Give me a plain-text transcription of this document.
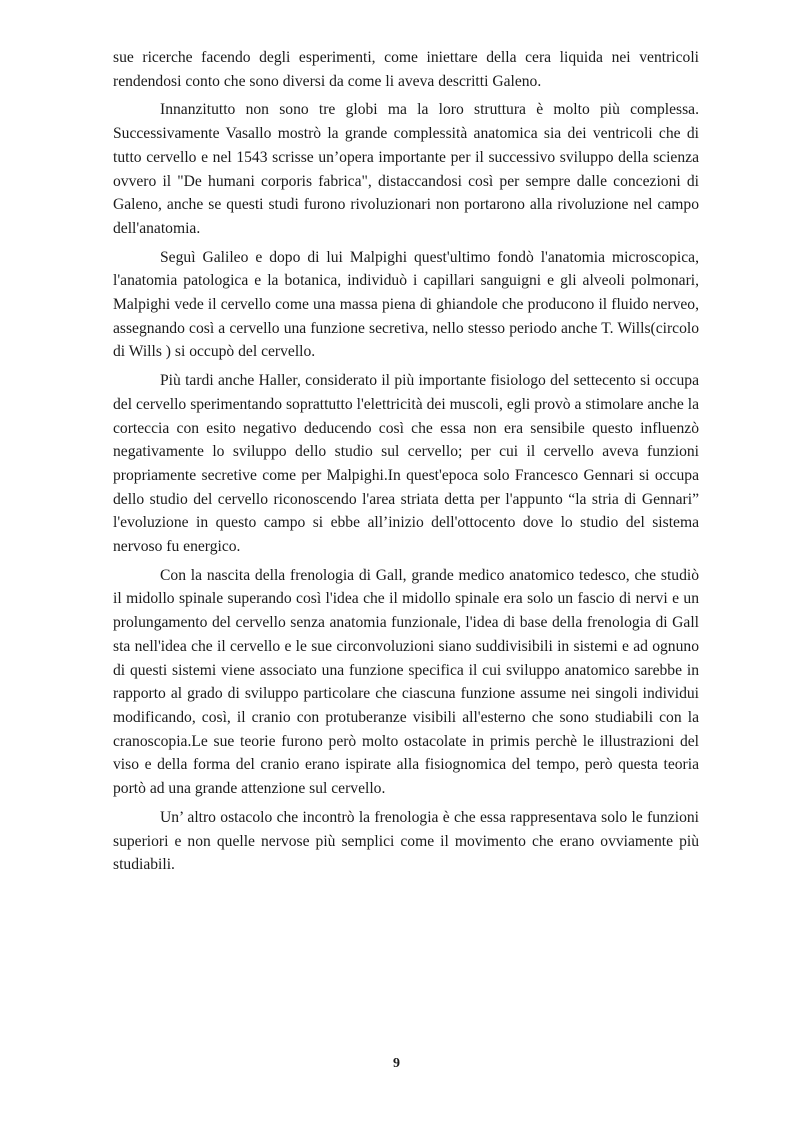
sue ricerche facendo degli esperimenti, come iniettare della cera liquida nei ventricoli rendendosi conto che sono diversi da come li aveva descritti Galeno.

Innanzitutto non sono tre globi ma la loro struttura è molto più complessa. Successivamente Vasallo mostrò la grande complessità anatomica sia dei ventricoli che di tutto cervello e nel 1543 scrisse un’opera importante per il successivo sviluppo della scienza ovvero il "De humani corporis fabrica", distaccandosi così per sempre dalle concezioni di Galeno, anche se questi studi furono rivoluzionari non portarono alla rivoluzione nel campo dell'anatomia.

Seguì Galileo e dopo di lui Malpighi quest'ultimo fondò l'anatomia microscopica, l'anatomia patologica e la botanica, individuò i capillari sanguigni e gli alveoli polmonari, Malpighi vede il cervello come una massa piena di ghiandole che producono il fluido nerveo, assegnando così a cervello una funzione secretiva, nello stesso periodo anche T. Wills(circolo di Wills ) si occupò del cervello.

Più tardi anche Haller, considerato il più importante fisiologo del settecento si occupa del cervello sperimentando soprattutto l'elettricità dei muscoli, egli provò a stimolare anche la corteccia con esito negativo deducendo così che essa non era sensibile questo influenzò negativamente lo sviluppo dello studio sul cervello; per cui il cervello aveva funzioni propriamente secretive come per Malpighi.In quest'epoca solo Francesco Gennari si occupa dello studio del cervello riconoscendo l'area striata detta per l'appunto “la stria di Gennari” l'evoluzione in questo campo si ebbe all’inizio dell'ottocento dove lo studio del sistema nervoso fu energico.

Con la nascita della frenologia di Gall, grande medico anatomico tedesco, che studiò il midollo spinale superando così l'idea che il midollo spinale era solo un fascio di nervi e un prolungamento del cervello senza anatomia funzionale, l'idea di base della frenologia di Gall sta nell'idea che il cervello e le sue circonvoluzioni siano suddivisibili in sistemi e ad ognuno di questi sistemi viene associato una funzione specifica il cui sviluppo anatomico sarebbe in rapporto al grado di sviluppo particolare che ciascuna funzione assume nei singoli individui modificando, così, il cranio con protuberanze visibili all'esterno che sono studiabili con la cranoscopia.Le sue teorie furono però molto ostacolate in primis perchè le illustrazioni del viso e della forma del cranio erano ispirate alla fisiognomica del tempo, però questa teoria portò ad una grande attenzione sul cervello.

Un’ altro ostacolo che incontrò la frenologia è che essa rappresentava solo le funzioni superiori e non quelle nervose più semplici come il movimento che erano ovviamente più studiabili.

9
